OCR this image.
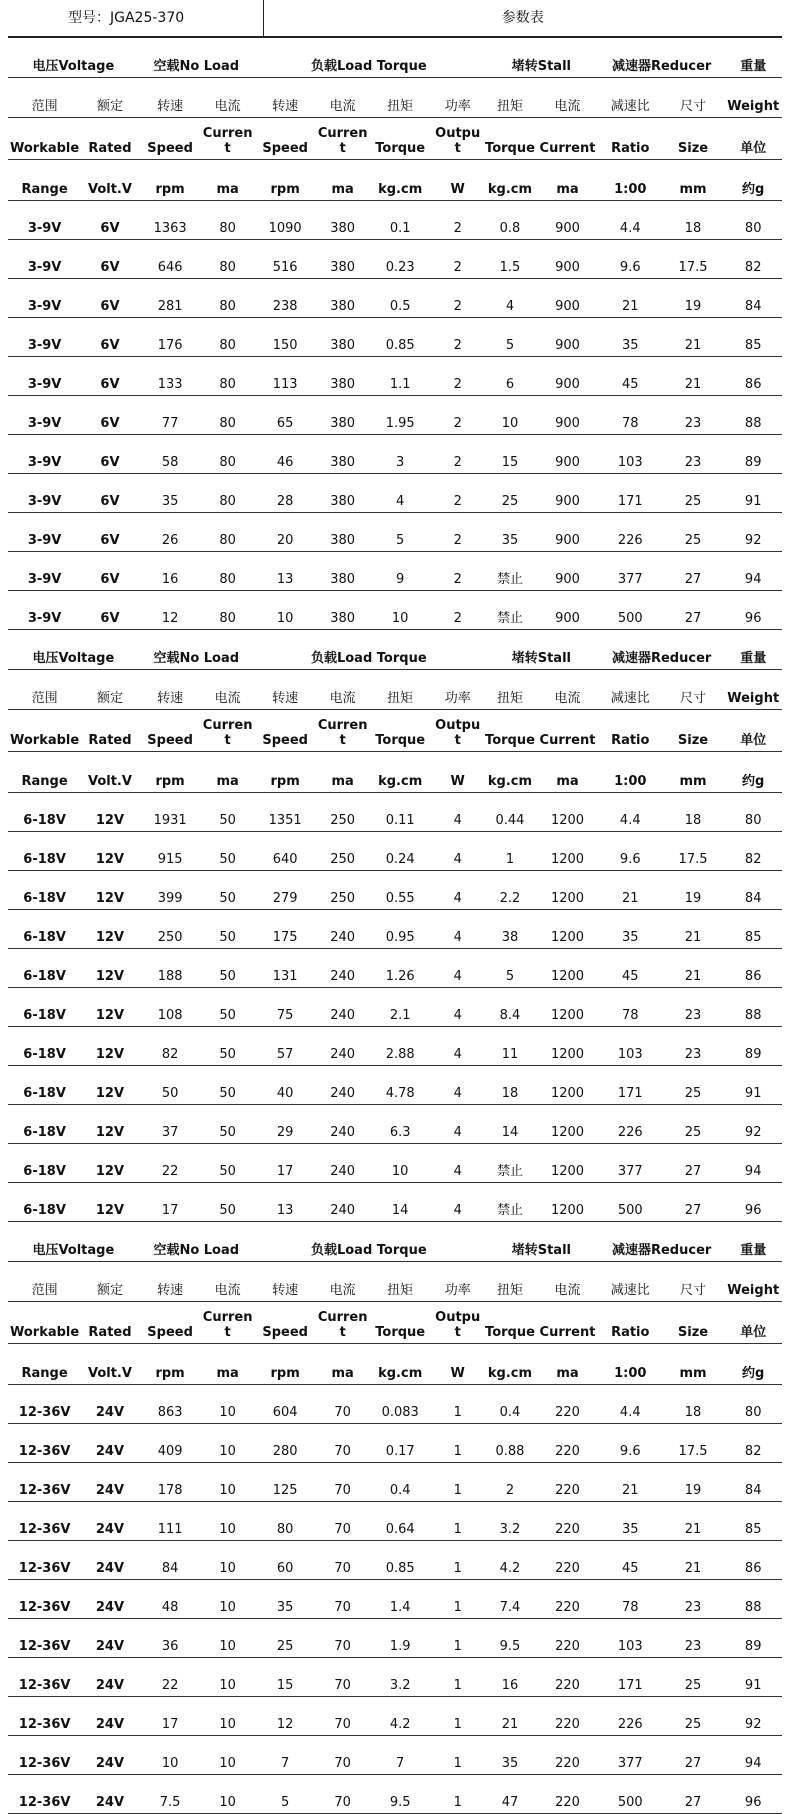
型号：JGA25-370	参数表
电压Voltage		空载No Load		负载Load Torque				堵转Stall		减速器Reducer		重量
范围	额定	转速	电流	转速	电流	扭矩	功率	扭矩	电流	减速比	尺寸	Weight
Workable	Rated	Speed	Current	Speed	Current	Torque	Output	Torque	Current	Ratio	Size	单位
Range	Volt.V	rpm	ma	rpm	ma	kg.cm	W	kg.cm	ma	1:00	mm	约g
3-9V	6V	1363	80	1090	380	0.1	2	0.8	900	4.4	18	80
3-9V	6V	646	80	516	380	0.23	2	1.5	900	9.6	17.5	82
3-9V	6V	281	80	238	380	0.5	2	4	900	21	19	84
3-9V	6V	176	80	150	380	0.85	2	5	900	35	21	85
3-9V	6V	133	80	113	380	1.1	2	6	900	45	21	86
3-9V	6V	77	80	65	380	1.95	2	10	900	78	23	88
3-9V	6V	58	80	46	380	3	2	15	900	103	23	89
3-9V	6V	35	80	28	380	4	2	25	900	171	25	91
3-9V	6V	26	80	20	380	5	2	35	900	226	25	92
3-9V	6V	16	80	13	380	9	2	禁止	900	377	27	94
3-9V	6V	12	80	10	380	10	2	禁止	900	500	27	96
电压Voltage		空载No Load		负载Load Torque				堵转Stall		减速器Reducer		重量
范围	额定	转速	电流	转速	电流	扭矩	功率	扭矩	电流	减速比	尺寸	Weight
Workable	Rated	Speed	Current	Speed	Current	Torque	Output	Torque	Current	Ratio	Size	单位
Range	Volt.V	rpm	ma	rpm	ma	kg.cm	W	kg.cm	ma	1:00	mm	约g
6-18V	12V	1931	50	1351	250	0.11	4	0.44	1200	4.4	18	80
6-18V	12V	915	50	640	250	0.24	4	1	1200	9.6	17.5	82
6-18V	12V	399	50	279	250	0.55	4	2.2	1200	21	19	84
6-18V	12V	250	50	175	240	0.95	4	38	1200	35	21	85
6-18V	12V	188	50	131	240	1.26	4	5	1200	45	21	86
6-18V	12V	108	50	75	240	2.1	4	8.4	1200	78	23	88
6-18V	12V	82	50	57	240	2.88	4	11	1200	103	23	89
6-18V	12V	50	50	40	240	4.78	4	18	1200	171	25	91
6-18V	12V	37	50	29	240	6.3	4	14	1200	226	25	92
6-18V	12V	22	50	17	240	10	4	禁止	1200	377	27	94
6-18V	12V	17	50	13	240	14	4	禁止	1200	500	27	96
电压Voltage		空载No Load		负载Load Torque				堵转Stall		减速器Reducer		重量
范围	额定	转速	电流	转速	电流	扭矩	功率	扭矩	电流	减速比	尺寸	Weight
Workable	Rated	Speed	Current	Speed	Current	Torque	Output	Torque	Current	Ratio	Size	单位
Range	Volt.V	rpm	ma	rpm	ma	kg.cm	W	kg.cm	ma	1:00	mm	约g
12-36V	24V	863	10	604	70	0.083	1	0.4	220	4.4	18	80
12-36V	24V	409	10	280	70	0.17	1	0.88	220	9.6	17.5	82
12-36V	24V	178	10	125	70	0.4	1	2	220	21	19	84
12-36V	24V	111	10	80	70	0.64	1	3.2	220	35	21	85
12-36V	24V	84	10	60	70	0.85	1	4.2	220	45	21	86
12-36V	24V	48	10	35	70	1.4	1	7.4	220	78	23	88
12-36V	24V	36	10	25	70	1.9	1	9.5	220	103	23	89
12-36V	24V	22	10	15	70	3.2	1	16	220	171	25	91
12-36V	24V	17	10	12	70	4.2	1	21	220	226	25	92
12-36V	24V	10	10	7	70	7	1	35	220	377	27	94
12-36V	24V	7.5	10	5	70	9.5	1	47	220	500	27	96
